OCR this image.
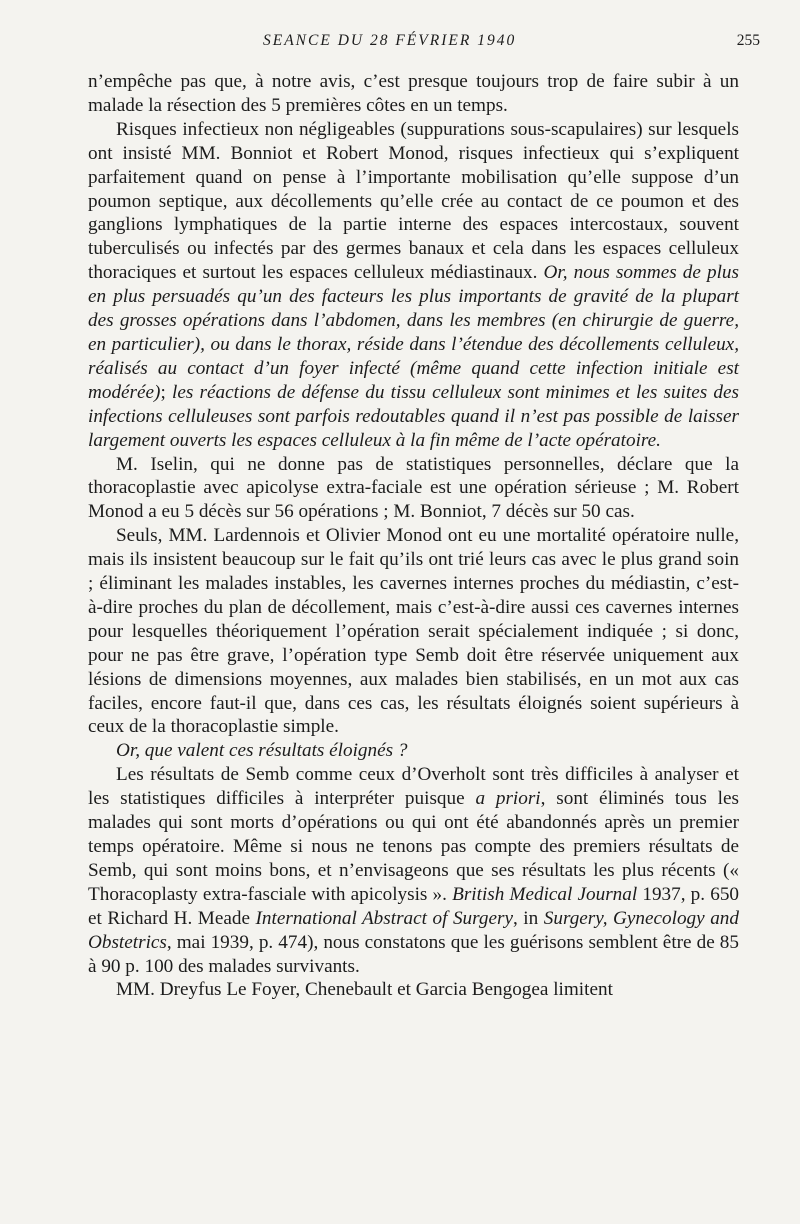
SEANCE DU 28 FÉVRIER 1940	255

n’empêche pas que, à notre avis, c’est presque toujours trop de faire subir à un malade la résection des 5 premières côtes en un temps.

Risques infectieux non négligeables (suppurations sous-scapulaires) sur lesquels ont insisté MM. Bonniot et Robert Monod, risques infectieux qui s’expliquent parfaitement quand on pense à l’importante mobilisation qu’elle suppose d’un poumon septique, aux décollements qu’elle crée au contact de ce poumon et des ganglions lymphatiques de la partie interne des espaces intercostaux, souvent tuberculisés ou infectés par des germes banaux et cela dans les espaces celluleux thoraciques et surtout les espaces celluleux médiastinaux. Or, nous sommes de plus en plus persuadés qu’un des facteurs les plus importants de gravité de la plupart des grosses opérations dans l’abdomen, dans les membres (en chirurgie de guerre, en particulier), ou dans le thorax, réside dans l’étendue des décollements celluleux, réalisés au contact d’un foyer infecté (même quand cette infection initiale est modérée); les réactions de défense du tissu celluleux sont minimes et les suites des infections celluleuses sont parfois redoutables quand il n’est pas possible de laisser largement ouverts les espaces celluleux à la fin même de l’acte opératoire.

M. Iselin, qui ne donne pas de statistiques personnelles, déclare que la thoracoplastie avec apicolyse extra-faciale est une opération sérieuse ; M. Robert Monod a eu 5 décès sur 56 opérations ; M. Bonniot, 7 décès sur 50 cas.

Seuls, MM. Lardennois et Olivier Monod ont eu une mortalité opératoire nulle, mais ils insistent beaucoup sur le fait qu’ils ont trié leurs cas avec le plus grand soin ; éliminant les malades instables, les cavernes internes proches du médiastin, c’est-à-dire proches du plan de décollement, mais c’est-à-dire aussi ces cavernes internes pour lesquelles théoriquement l’opération serait spécialement indiquée ; si donc, pour ne pas être grave, l’opération type Semb doit être réservée uniquement aux lésions de dimensions moyennes, aux malades bien stabilisés, en un mot aux cas faciles, encore faut-il que, dans ces cas, les résultats éloignés soient supérieurs à ceux de la thoracoplastie simple.

Or, que valent ces résultats éloignés ?

Les résultats de Semb comme ceux d’Overholt sont très difficiles à analyser et les statistiques difficiles à interpréter puisque a priori, sont éliminés tous les malades qui sont morts d’opérations ou qui ont été abandonnés après un premier temps opératoire. Même si nous ne tenons pas compte des premiers résultats de Semb, qui sont moins bons, et n’envisageons que ses résultats les plus récents (« Thoracoplasty extra-fasciale with apicolysis ». British Medical Journal 1937, p. 650 et Richard H. Meade International Abstract of Surgery, in Surgery, Gynecology and Obstetrics, mai 1939, p. 474), nous constatons que les guérisons semblent être de 85 à 90 p. 100 des malades survivants.

MM. Dreyfus Le Foyer, Chenebault et Garcia Bengogea limitent
